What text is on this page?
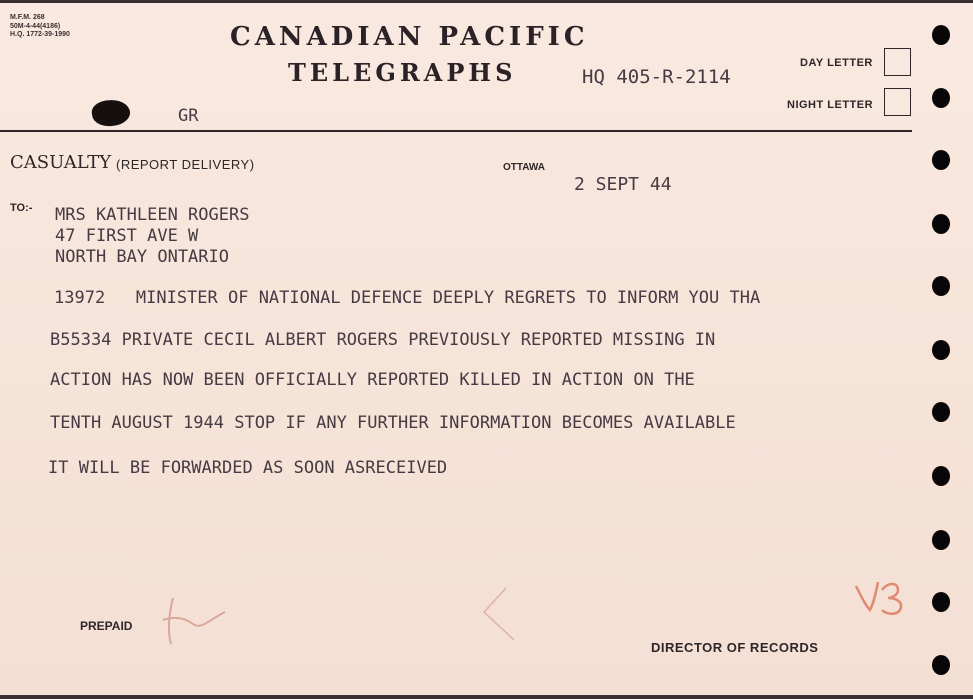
M.F.M. 268
50M-4-44(4186)
H.Q. 1772-39-1990	CANADIAN PACIFIC
TELEGRAPHS	HQ 405-R-2114
DAY LETTER
NIGHT LETTER
GR
CASUALTY (REPORT DELIVERY)	OTTAWA
2 SEPT 44
TO:- MRS KATHLEEN ROGERS
47 FIRST AVE W
NORTH BAY ONTARIO
13972   MINISTER OF NATIONAL DEFENCE DEEPLY REGRETS TO INFORM YOU THA
B55334 PRIVATE CECIL ALBERT ROGERS PREVIOUSLY REPORTED MISSING IN
ACTION HAS NOW BEEN OFFICIALLY REPORTED KILLED IN ACTION ON THE
TENTH AUGUST 1944 STOP IF ANY FURTHER INFORMATION BECOMES AVAILABLE
IT WILL BE FORWARDED AS SOON ASRECEIVED
PREPAID
DIRECTOR OF RECORDS
